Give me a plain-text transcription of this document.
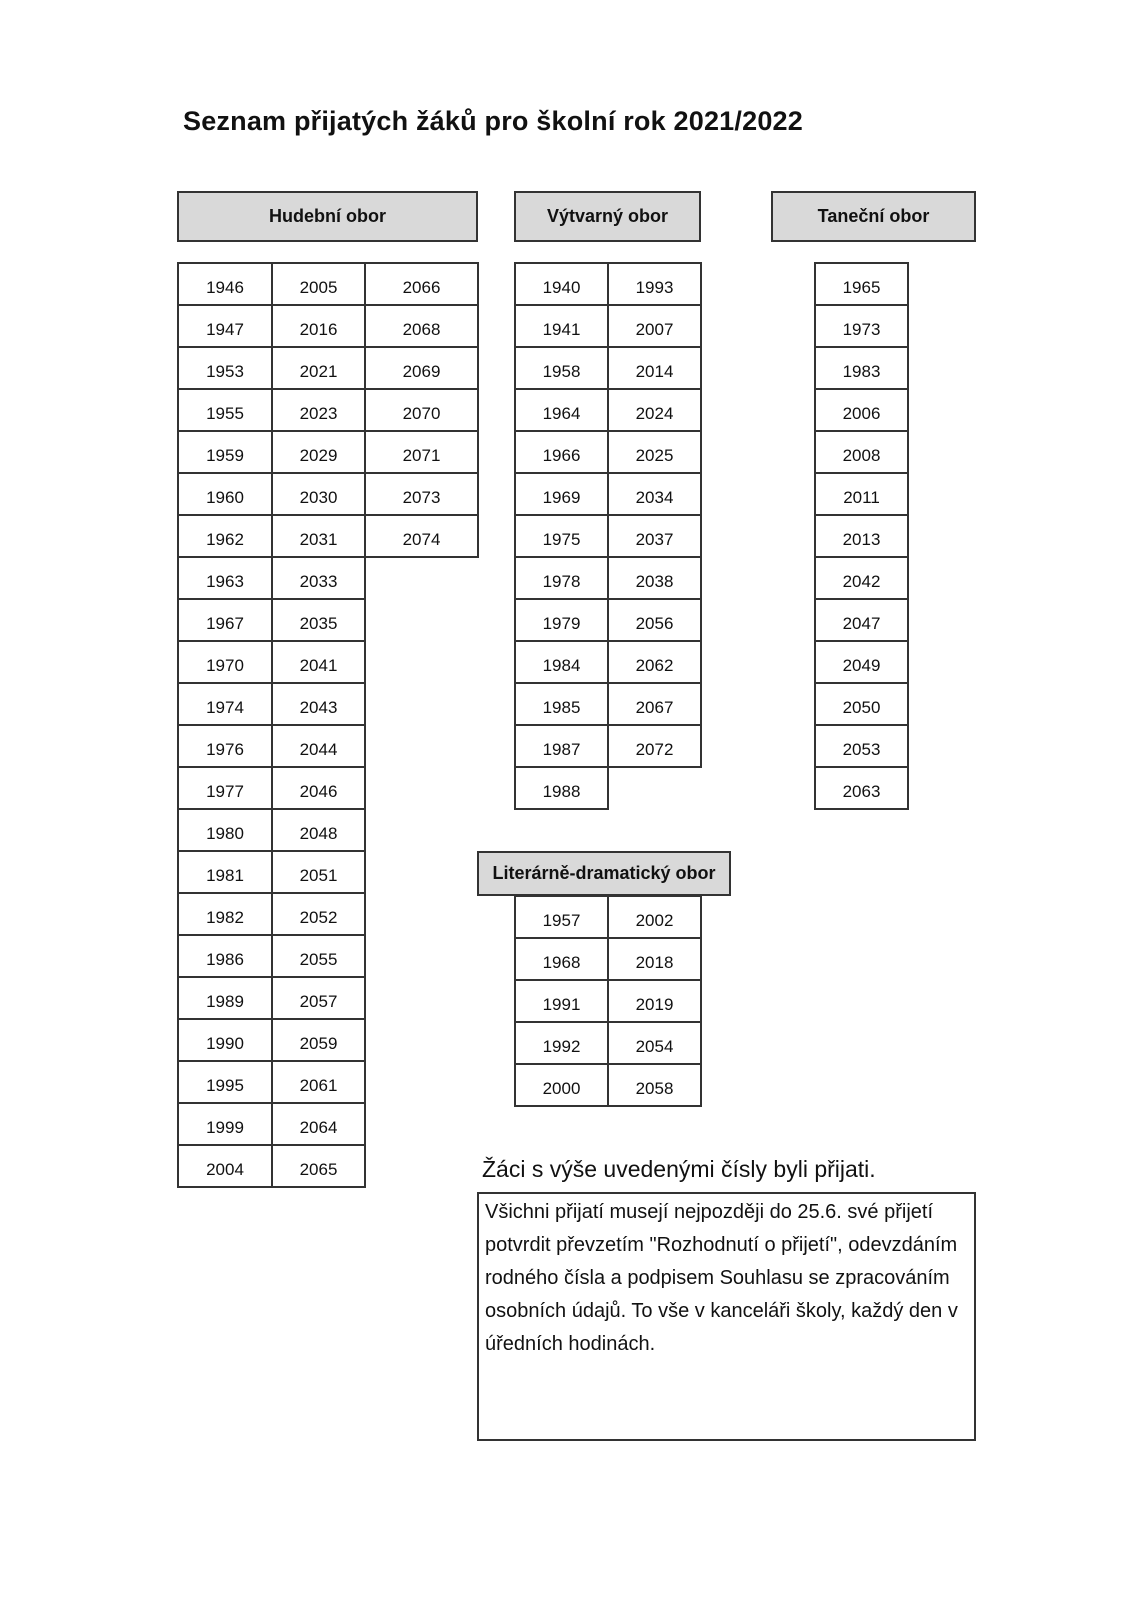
Seznam přijatých žáků pro školní rok 2021/2022
Hudební obor	Výtvarný obor	Taneční obor
Literárně-dramatický obor
1946
1947
1953
1955
1959
1960
1962
1963
1967
1970
1974
1976
1977
1980
1981
1982
1986
1989
1990
1995
1999
2004
2005
2016
2021
2023
2029
2030
2031
2033
2035
2041
2043
2044
2046
2048
2051
2052
2055
2057
2059
2061
2064
2065
2066
2068
2069
2070
2071
2073
2074
1940
1941
1958
1964
1966
1969
1975
1978
1979
1984
1985
1987
1988
1993
2007
2014
2024
2025
2034
2037
2038
2056
2062
2067
2072
1965
1973
1983
2006
2008
2011
2013
2042
2047
2049
2050
2053
2063
1957
1968
1991
1992
2000
2002
2018
2019
2054
2058
Žáci s výše uvedenými čísly byli přijati.
Všichni přijatí musejí nejpozději do 25.6. své přijetí potvrdit převzetím "Rozhodnutí o přijetí", odevzdáním rodného čísla a podpisem Souhlasu se zpracováním osobních údajů. To vše v kanceláři školy, každý den v úředních hodinách.
